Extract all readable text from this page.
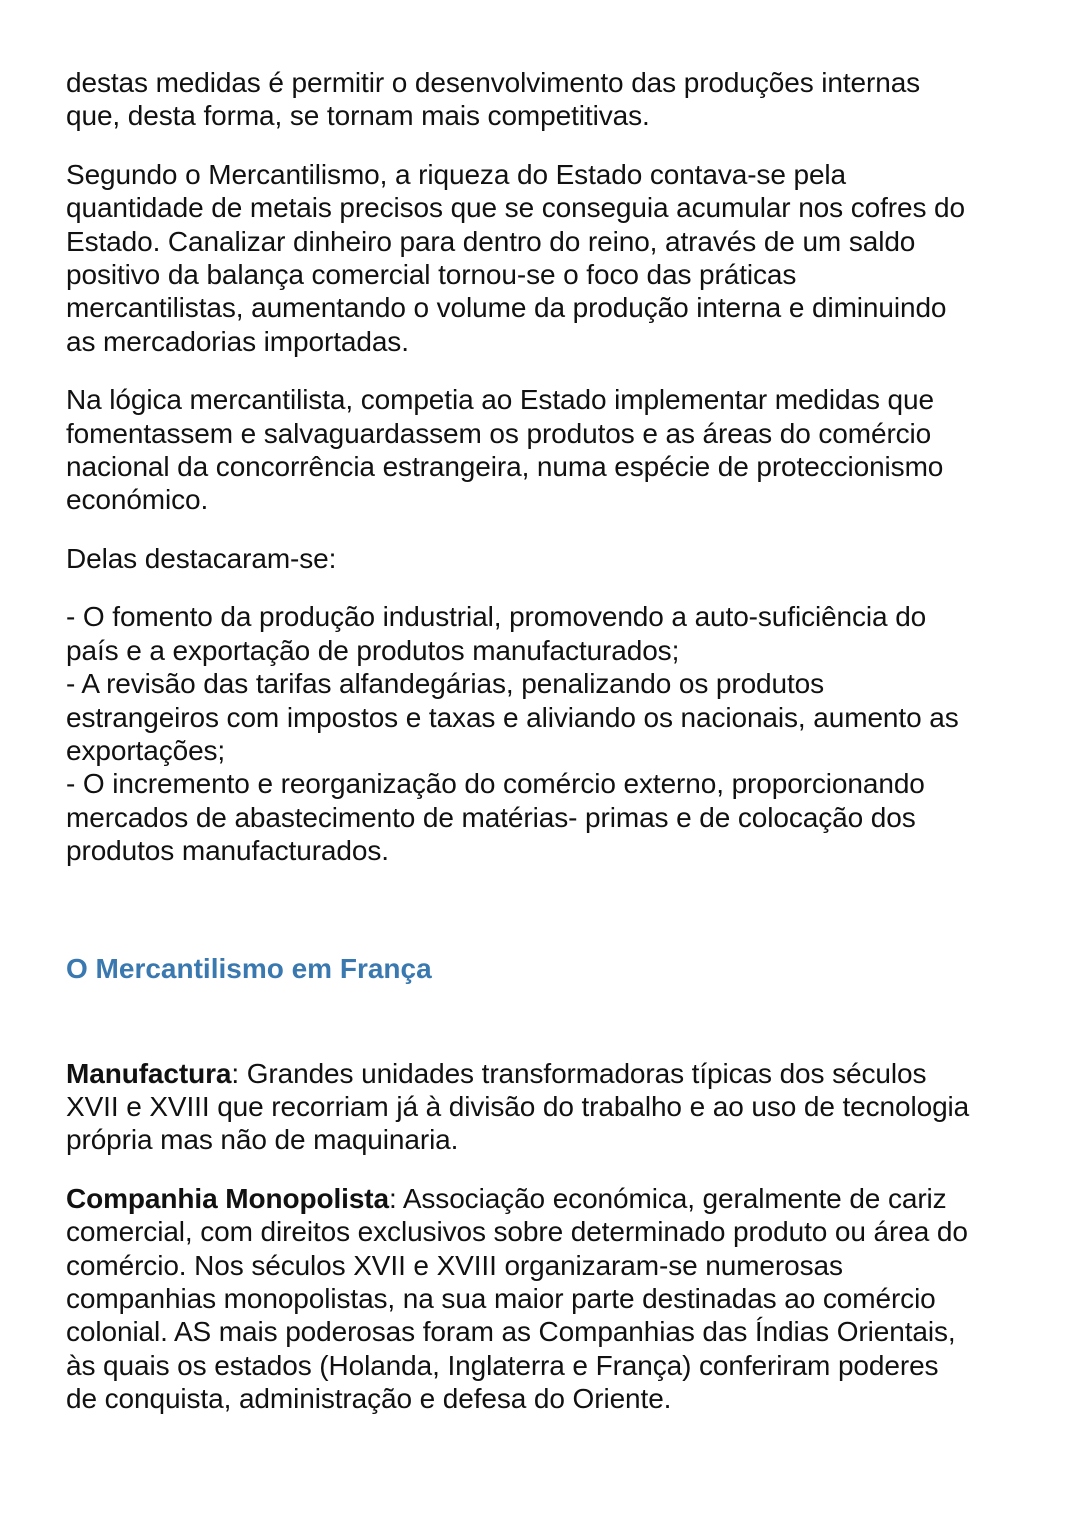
destas medidas é permitir o desenvolvimento das produções internas
que, desta forma, se tornam mais competitivas.

Segundo o Mercantilismo, a riqueza do Estado contava-se pela
quantidade de metais precisos que se conseguia acumular nos cofres do
Estado. Canalizar dinheiro para dentro do reino, através de um saldo
positivo da balança comercial tornou-se o foco das práticas
mercantilistas, aumentando o volume da produção interna e diminuindo
as mercadorias importadas.

Na lógica mercantilista, competia ao Estado implementar medidas que
fomentassem e salvaguardassem os produtos e as áreas do comércio
nacional da concorrência estrangeira, numa espécie de proteccionismo
económico.

Delas destacaram-se:

- O fomento da produção industrial, promovendo a auto-suficiência do
país e a exportação de produtos manufacturados;
- A revisão das tarifas alfandegárias, penalizando os produtos
estrangeiros com impostos e taxas e aliviando os nacionais, aumento as
exportações;
- O incremento e reorganização do comércio externo, proporcionando
mercados de abastecimento de matérias- primas e de colocação dos
produtos manufacturados.

O Mercantilismo em França

Manufactura: Grandes unidades transformadoras típicas dos séculos
XVII e XVIII que recorriam já à divisão do trabalho e ao uso de tecnologia
própria mas não de maquinaria.

Companhia Monopolista: Associação económica, geralmente de cariz
comercial, com direitos exclusivos sobre determinado produto ou área do
comércio. Nos séculos XVII e XVIII organizaram-se numerosas
companhias monopolistas, na sua maior parte destinadas ao comércio
colonial. AS mais poderosas foram as Companhias das Índias Orientais,
às quais os estados (Holanda, Inglaterra e França) conferiram poderes
de conquista, administração e defesa do Oriente.
